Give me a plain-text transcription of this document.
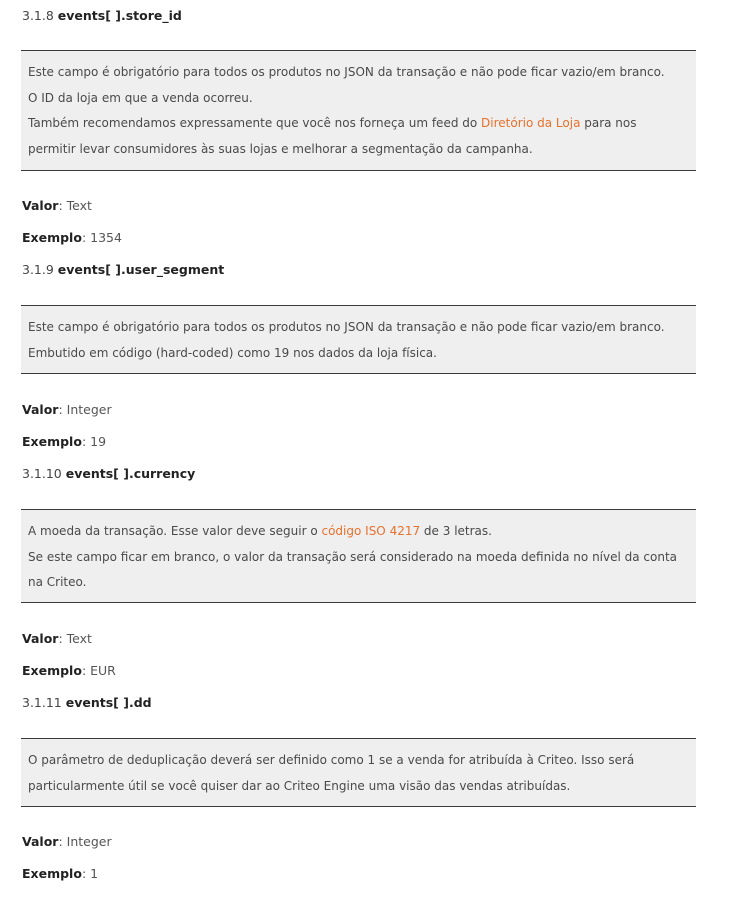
3.1.8 events[ ].store_id

Este campo é obrigatório para todos os produtos no JSON da transação e não pode ficar vazio/em branco.

O ID da loja em que a venda ocorreu.

Também recomendamos expressamente que você nos forneça um feed do Diretório da Loja para nos permitir levar consumidores às suas lojas e melhorar a segmentação da campanha.

Valor: Text
Exemplo: 1354
3.1.9 events[ ].user_segment

Este campo é obrigatório para todos os produtos no JSON da transação e não pode ficar vazio/em branco.

Embutido em código (hard-coded) como 19 nos dados da loja física.

Valor: Integer
Exemplo: 19
3.1.10 events[ ].currency

A moeda da transação. Esse valor deve seguir o código ISO 4217 de 3 letras.

Se este campo ficar em branco, o valor da transação será considerado na moeda definida no nível da conta na Criteo.

Valor: Text
Exemplo: EUR
3.1.11 events[ ].dd

O parâmetro de deduplicação deverá ser definido como 1 se a venda for atribuída à Criteo. Isso será particularmente útil se você quiser dar ao Criteo Engine uma visão das vendas atribuídas.

Valor: Integer
Exemplo: 1
